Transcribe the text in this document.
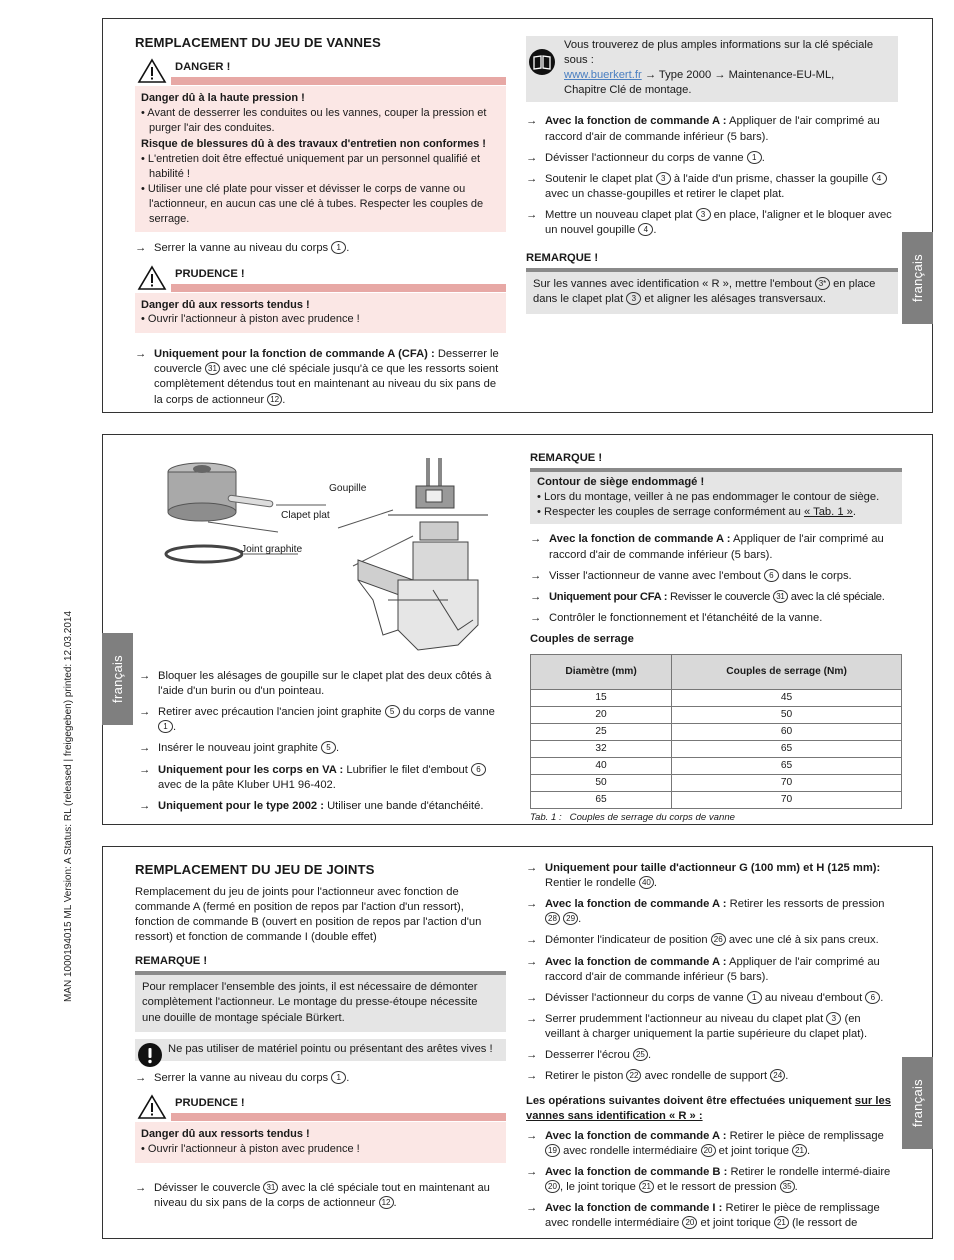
MAN 1000194015 ML Version: A Status: RL (released | freigegeben) printed: 12.03.2014
REMPLACEMENT DU JEU DE VANNES
DANGER !
Danger dû à la haute pression !
• Avant de desserrer les conduites ou les vannes, couper la pression et purger l'air des conduites.
Risque de blessures dû à des travaux d'entretien non conformes !
• L'entretien doit être effectué uniquement par un personnel qualifié et habilité !
• Utiliser une clé plate pour visser et dévisser le corps de vanne ou l'actionneur, en aucun cas une clé à tubes. Respecter les couples de serrage.
→ Serrer la vanne au niveau du corps 1 .
PRUDENCE !
Danger dû aux ressorts tendus !
• Ouvrir l'actionneur à piston avec prudence !
→ Uniquement pour la fonction de commande A (CFA) : Desserrer le couvercle 31 avec une clé spéciale jusqu'à ce que les ressorts soient complètement détendus tout en maintenant au niveau du six pans de la corps de actionneur 12 .
Vous trouverez de plus amples informations sur la clé spéciale sous :
www.buerkert.fr → Type 2000 → Maintenance-EU-ML,
Chapitre Clé de montage.
→ Avec la fonction de commande A : Appliquer de l'air comprimé au raccord d'air de commande inférieur (5 bars).
→ Dévisser l'actionneur du corps de vanne 1 .
→ Soutenir le clapet plat 3 à l'aide d'un prisme, chasser la goupille 4 avec un chasse-goupilles et retirer le clapet plat.
→ Mettre un nouveau clapet plat 3 en place, l'aligner et le bloquer avec un nouvel goupille 4 .
REMARQUE !
Sur les vannes avec identification « R », mettre l'embout 3* en place dans le clapet plat 3 et aligner les alésages transversaux.	français
Goupille
Clapet plat
Joint graphite
→ Bloquer les alésages de goupille sur le clapet plat des deux côtés à l'aide d'un burin ou d'un pointeau.
→ Retirer avec précaution l'ancien joint graphite 5 du corps de vanne 1 .
→ Insérer le nouveau joint graphite 5 .
→ Uniquement pour les corps en VA : Lubrifier le filet d'embout 6 avec de la pâte Kluber UH1 96-402.
→ Uniquement pour le type 2002 : Utiliser une bande d'étanchéité.
REMARQUE !
Contour de siège endommagé !
• Lors du montage, veiller à ne pas endommager le contour de siège.
• Respecter les couples de serrage conformément au « Tab. 1 ».
→ Avec la fonction de commande A : Appliquer de l'air comprimé au raccord d'air de commande inférieur (5 bars).
→ Visser l'actionneur de vanne avec l'embout 6 dans le corps.
→ Uniquement pour CFA : Revisser le couvercle 31 avec la clé spéciale.
→ Contrôler le fonctionnement et l'étanchéité de la vanne.
Couples de serrage
Diamètre (mm)	Couples de serrage (Nm)
15	45
20	50
25	60
32	65
40	65
50	70
65	70
Tab. 1 : Couples de serrage du corps de vanne
français
REMPLACEMENT DU JEU DE JOINTS
Remplacement du jeu de joints pour l'actionneur avec fonction de commande A (fermé en position de repos par l'action d'un ressort), fonction de commande B (ouvert en position de repos par l'action d'un ressort) et fonction de commande I (double effet)
REMARQUE !
Pour remplacer l'ensemble des joints, il est nécessaire de démonter complètement l'actionneur. Le montage du presse-étoupe nécessite une douille de montage spéciale Bürkert.
Ne pas utiliser de matériel pointu ou présentant des arêtes vives !
→ Serrer la vanne au niveau du corps 1 .
PRUDENCE !
Danger dû aux ressorts tendus !
• Ouvrir l'actionneur à piston avec prudence !
→ Dévisser le couvercle 31 avec la clé spéciale tout en maintenant au niveau du six pans de la corps de actionneur 12 .
→ Uniquement pour taille d'actionneur G (100 mm) et H (125 mm): Rentier le rondelle 40 .
→ Avec la fonction de commande A : Retirer les ressorts de pression 28 29 .
→ Démonter l'indicateur de position 26 avec une clé à six pans creux.
→ Avec la fonction de commande A : Appliquer de l'air comprimé au raccord d'air de commande inférieur (5 bars).
→ Dévisser l'actionneur du corps de vanne 1 au niveau d'embout 6 .
→ Serrer prudemment l'actionneur au niveau du clapet plat 3 (en veillant à charger uniquement la partie supérieure du clapet plat).
→ Desserrer l'écrou 25 .
→ Retirer le piston 22 avec rondelle de support 24 .
Les opérations suivantes doivent être effectuées uniquement sur les vannes sans identification « R » :
→ Avec la fonction de commande A : Retirer le pièce de remplissage 19 avec rondelle intermédiaire 20 et joint torique 21 .
→ Avec la fonction de commande B : Retirer le rondelle intermé-diaire 20 , le joint torique 21 et le ressort de pression 35 .
→ Avec la fonction de commande I : Retirer le pièce de remplissage avec rondelle intermédiaire 20 et joint torique 21 (le ressort de
français
